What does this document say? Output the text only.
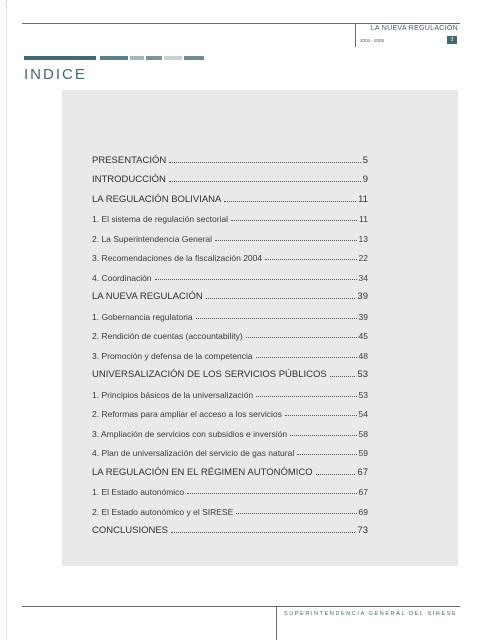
LA NUEVA REGULACIÓN
2004 - 2005	3
INDICE
PRESENTACIÓN	5
INTRODUCCIÓN	9
LA REGULACIÓN BOLIVIANA	11
1. El sistema de regulación sectorial	11
2. La Superintendencia General	13
3. Recomendaciones de la fiscalización 2004	22
4. Coordinación	34
LA NUEVA REGULACIÓN	39
1. Gobernancia regulatoria	39
2. Rendición de cuentas (accountability)	45
3. Promoción y defensa de la competencia	48
UNIVERSALIZACIÓN DE LOS SERVICIOS PÚBLICOS	53
1. Principios básicos de la universalización	53
2. Reformas para ampliar el acceso a los servicios	54
3. Ampliación de servicios con subsidios e inversión	58
4. Plan de universalización del servicio de gas natural	59
LA REGULACIÓN EN EL RÉGIMEN AUTONÓMICO	67
1. El Estado autonómico	67
2. El Estado autonómico y el SIRESE	69
CONCLUSIONES	73
SUPERINTENDENCIA GENERAL DEL SIRESE
